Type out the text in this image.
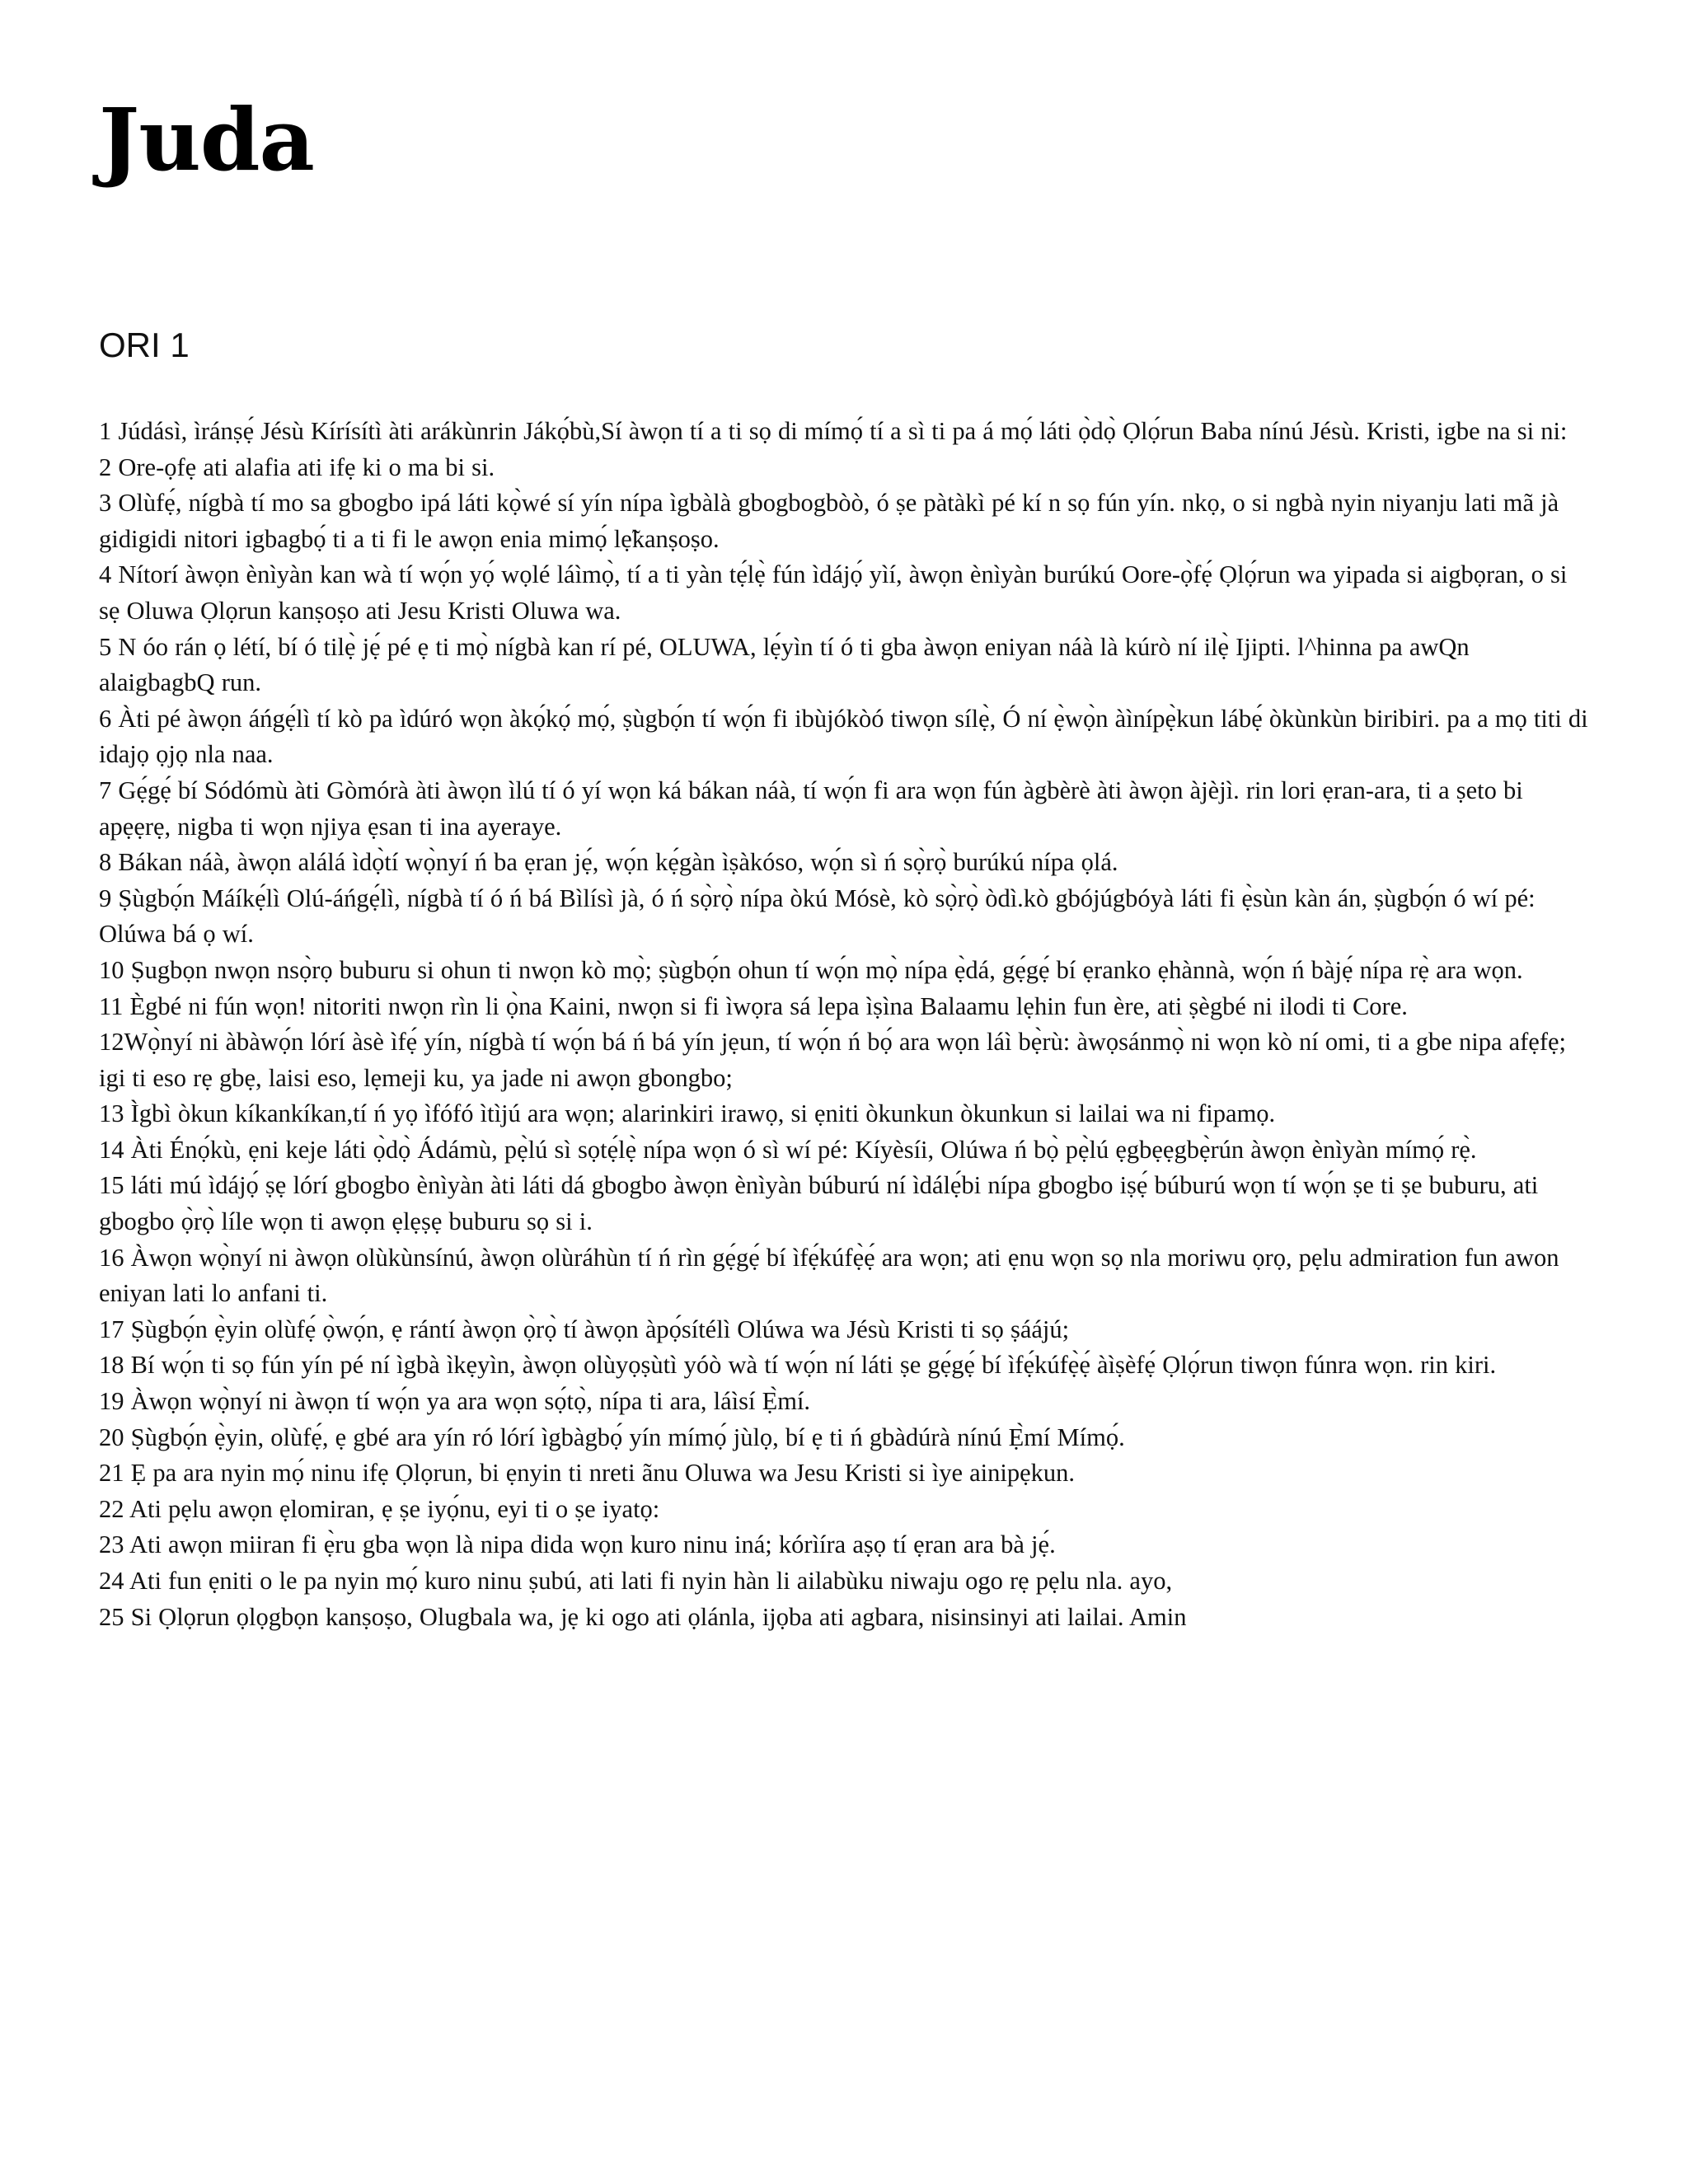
Juda
ORI 1

1 Júdásì, ìránṣẹ́ Jésù Kírísítì àti arákùnrin Jákọ́bù,Sí àwọn tí a ti sọ di mímọ́ tí a sì ti pa á mọ́ láti ọ̀dọ̀ Ọlọ́run Baba nínú Jésù. Kristi, igbe na si ni:

2 Ore-ọfẹ ati alafia ati ifẹ ki o ma bi si.

3 Olùfẹ́, nígbà tí mo sa gbogbo ipá láti kọ̀wé sí yín nípa ìgbàlà gbogbogbòò, ó ṣe pàtàkì pé kí n sọ fún yín. nkọ, o si ngbà nyin niyanju lati mã jà gidigidi nitori igbagbọ́ ti a ti fi le awọn enia mimọ́ lẹ̃kanṣoṣo.

4 Nítorí àwọn ènìyàn kan wà tí wọ́n yọ́ wọlé láìmọ̀, tí a ti yàn tẹ́lẹ̀ fún ìdájọ́ yìí, àwọn ènìyàn burúkú Oore-ọ̀fẹ́ Ọlọ́run wa yipada si aigbọran, o si sẹ Oluwa Ọlọrun kanṣoṣo ati Jesu Kristi Oluwa wa.

5 N óo rán ọ létí, bí ó tilẹ̀ jẹ́ pé ẹ ti mọ̀ nígbà kan rí pé, OLUWA, lẹ́yìn tí ó ti gba àwọn eniyan náà là kúrò ní ilẹ̀ Ijipti. l^hinna pa awQn alaigbagbQ run.

6 Àti pé àwọn áńgẹ́lì tí kò pa ìdúró wọn àkọ́kọ́ mọ́, ṣùgbọ́n tí wọ́n fi ibùjókòó tiwọn sílẹ̀, Ó ní ẹ̀wọ̀n àìnípẹ̀kun lábẹ́ òkùnkùn biribiri. pa a mọ titi di idajọ ọjọ nla naa.

7 Gẹ́gẹ́ bí Sódómù àti Gòmórà àti àwọn ìlú tí ó yí wọn ká bákan náà, tí wọ́n fi ara wọn fún àgbèrè àti àwọn àjèjì. rin lori ẹran-ara, ti a ṣeto bi apẹẹrẹ, nigba ti wọn njiya ẹsan ti ina ayeraye.

8 Bákan náà, àwọn alálá ìdọ̀tí wọ̀nyí ń ba ẹran jẹ́, wọ́n kẹ́gàn ìṣàkóso, wọ́n sì ń sọ̀rọ̀ burúkú nípa ọlá.

9 Ṣùgbọ́n Máíkẹ́lì Olú-áńgẹ́lì, nígbà tí ó ń bá Bìlísì jà, ó ń sọ̀rọ̀ nípa òkú Mósè, kò sọ̀rọ̀ òdì.kò gbójúgbóyà láti fi ẹ̀sùn kàn án, ṣùgbọ́n ó wí pé: Olúwa bá ọ wí.

10 Ṣugbọn nwọn nsọ̀rọ buburu si ohun ti nwọn kò mọ̀; ṣùgbọ́n ohun tí wọ́n mọ̀ nípa ẹ̀dá, gẹ́gẹ́ bí ẹranko ẹhànnà, wọ́n ń bàjẹ́ nípa rẹ̀ ara wọn.

11 Ègbé ni fún wọn! nitoriti nwọn rìn li ọ̀na Kaini, nwọn si fi ìwọra sá lepa ìṣìna Balaamu lẹhin fun ère, ati ṣègbé ni ilodi ti Core.

12Wọ̀nyí ni àbàwọ́n lórí àsè ìfẹ́ yín, nígbà tí wọ́n bá ń bá yín jẹun, tí wọ́n ń bọ́ ara wọn láì bẹ̀rù: àwọsánmọ̀ ni wọn kò ní omi, ti a gbe nipa afẹfẹ; igi ti eso rẹ gbẹ, laisi eso, lẹmeji ku, ya jade ni awọn gbongbo;

13 Ìgbì òkun kíkankíkan,tí ń yọ ìfófó ìtìjú ara wọn; alarinkiri irawọ, si ẹniti òkunkun òkunkun si lailai wa ni fipamọ.

14 Àti Énọ́kù, ẹni keje láti ọ̀dọ̀ Ádámù, pẹ̀lú sì sọtẹ́lẹ̀ nípa wọn ó sì wí pé: Kíyèsíi, Olúwa ń bọ̀ pẹ̀lú ẹgbẹẹgbẹ̀rún àwọn ènìyàn mímọ́ rẹ̀.

15 láti mú ìdájọ́ ṣẹ lórí gbogbo ènìyàn àti láti dá gbogbo àwọn ènìyàn búburú ní ìdálẹ́bi nípa gbogbo iṣẹ́ búburú wọn tí wọ́n ṣe ti ṣe buburu, ati gbogbo ọ̀rọ̀ líle wọn ti awọn ẹlẹṣẹ buburu sọ si i.

16 Àwọn wọ̀nyí ni àwọn olùkùnsínú, àwọn olùráhùn tí ń rìn gẹ́gẹ́ bí ìfẹ́kúfẹ̀ẹ́ ara wọn; ati ẹnu wọn sọ nla moriwu ọrọ, pẹlu admiration fun awon eniyan lati lo anfani ti.

17 Ṣùgbọ́n ẹ̀yin olùfẹ́ ọ̀wọ́n, ẹ rántí àwọn ọ̀rọ̀ tí àwọn àpọ́sítélì Olúwa wa Jésù Kristi ti sọ ṣáájú;

18 Bí wọ́n ti sọ fún yín pé ní ìgbà ìkẹyìn, àwọn olùyọṣùtì yóò wà tí wọ́n ní láti ṣe gẹ́gẹ́ bí ìfẹ́kúfẹ̀ẹ́ àìṣèfẹ́ Ọlọ́run tiwọn fúnra wọn. rin kiri.

19 Àwọn wọ̀nyí ni àwọn tí wọ́n ya ara wọn sọ́tọ̀, nípa ti ara, láìsí Ẹ̀mí.

20 Ṣùgbọ́n ẹ̀yin, olùfẹ́, ẹ gbé ara yín ró lórí ìgbàgbọ́ yín mímọ́ jùlọ, bí ẹ ti ń gbàdúrà nínú Ẹ̀mí Mímọ́.

21 Ẹ pa ara nyin mọ́ ninu ifẹ Ọlọrun, bi ẹnyin ti nreti ãnu Oluwa wa Jesu Kristi si ìye ainipẹkun.

22 Ati pẹlu awọn ẹlomiran, ẹ ṣe iyọ́nu, eyi ti o ṣe iyatọ:

23 Ati awọn miiran fi ẹ̀ru gba wọn là nipa dida wọn kuro ninu iná; kórìíra aṣọ tí ẹran ara bà jẹ́.

24 Ati fun ẹniti o le pa nyin mọ́ kuro ninu ṣubú, ati lati fi nyin hàn li ailabùku niwaju ogo rẹ pẹlu nla. ayo,

25 Si Ọlọrun ọlọgbọn kanṣoṣo, Olugbala wa, jẹ ki ogo ati ọlánla, ijọba ati agbara, nisinsinyi ati lailai. Amin
